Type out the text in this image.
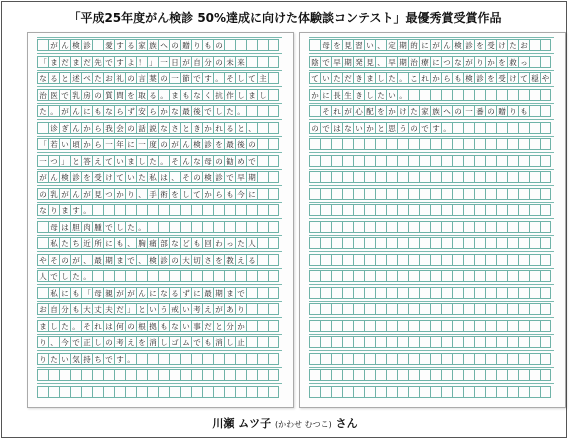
「平成25年度がん検診 50%達成に向けた体験談コンテスト」最優秀賞受賞作品
が ん 検 診	愛 す る 家 族 へ の 贈 り も の
「 ま だ ま だ 先 で す よ ！ 」 一 日 が 自 分 の 未 来
な る と 述 べ た お 礼 の 言 葉 の 一 節 で す 。 そ し て 主
治 医 で 乳 房 の 質 問 を 取 る 。 ま も な く 抗 作 し ま し
た 。 が ん に も な ら ず 安 ら か な 最 後 で し た 。
诊 ぎ ん か ら 我 会 の 話 説 な さ と き か れ る と 、
「 若 い 頃 か ら 一 年 に 一 度 の が ん 検 診 を 最 後 の
一 つ 」 と 答 え て い ま し た 。 そ ん な 母 の 勧 め で
が ん 検 診 を 受 け て い た 私 は 、 そ の 検 診 で 早 期
の 乳 が ん が 見 つ か り 、 手 術 を し て か ら も 今 に
な り ま す 。
母 は 胆 肉 腫 で し た 。
私 た ち 近 所 に も 、 胸 痛 部 な ど も 回 わ っ た 人
や そ の が 、 最 期 ま で 、 検 診 の 大 切 さ を 教 え る
人 で し た 。
私 に も 「 母 親 が が ん に な る ず に 最 期 ま で
お 自 分 も 大 丈 夫 だ 」 と い う 戒 い 考 え が あ り
ま し た 。 そ れ は 何 の 根 拠 も な い 事 だ と 分 か
り 、 今 で 正 し の 考 え を 消 し ゴ ム で も 消 し 止
り た い 気 持 ち で す 。
母 を 見 習 い 、 定 期 的 に が ん 検 診 を 受 け た お
陰 で 早 期 発 見 、 早 期 治 療 に つ な が り か を 救 っ
て い た だ き ま し た 。 こ れ か ら も 検 診 を 受 け て 穏 や
か に 長 生 き し た い 。
そ れ が 心 配 を か け た 家 族 へ の 一 番 の 贈 り も
の で は な い か と 思 う の で す 。
川瀬 ムツ子 (かわせ むつこ) さん
